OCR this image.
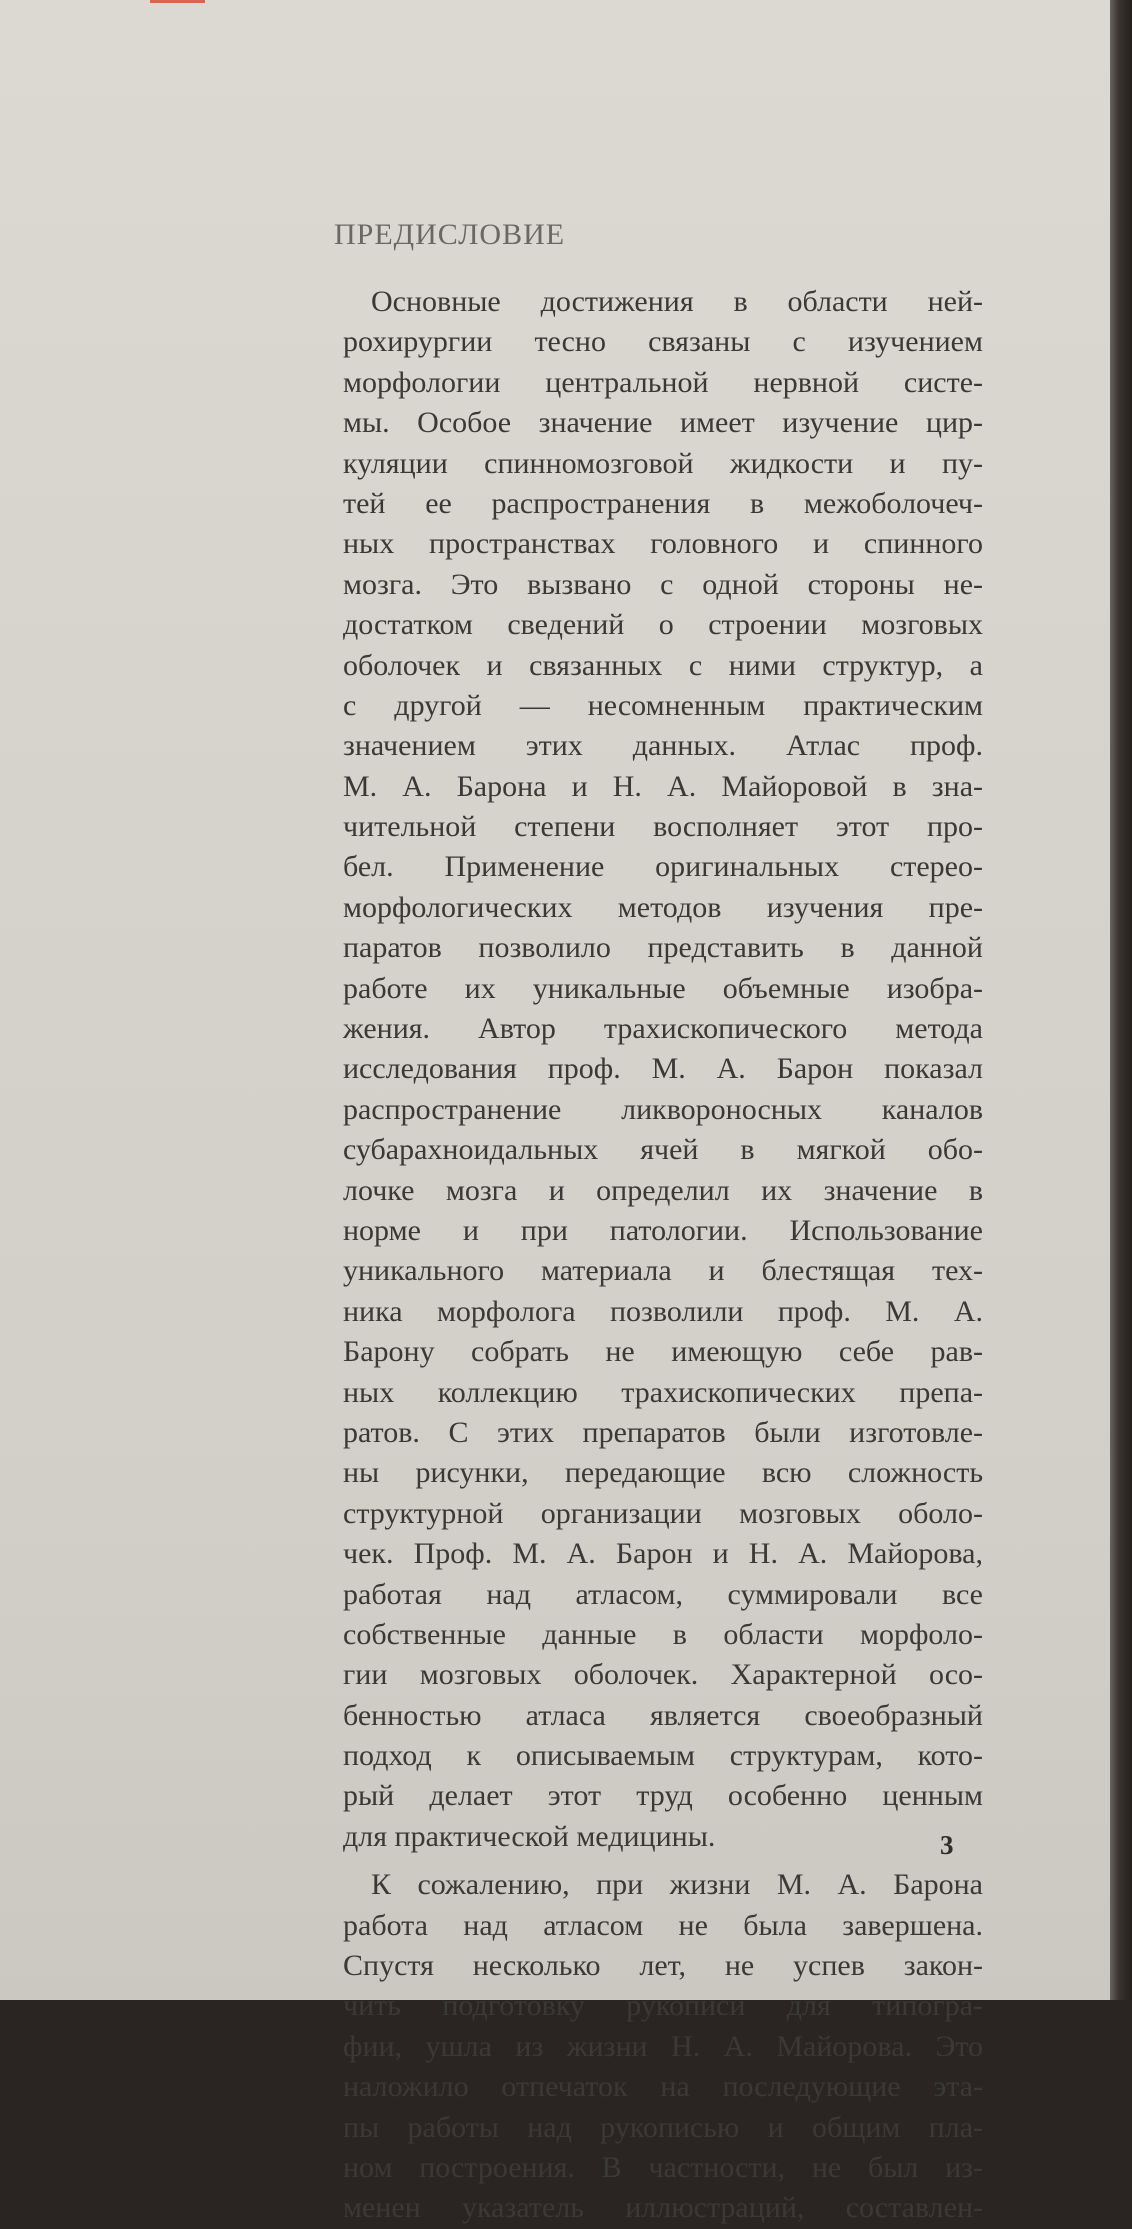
ПРЕДИСЛОВИЕ
Основные достижения в области ней-
рохирургии тесно связаны с изучением
морфологии центральной нервной систе-
мы. Особое значение имеет изучение цир-
куляции спинномозговой жидкости и пу-
тей ее распространения в межоболочеч-
ных пространствах головного и спинного
мозга. Это вызвано с одной стороны не-
достатком сведений о строении мозговых
оболочек и связанных с ними структур, а
с другой — несомненным практическим
значением этих данных. Атлас проф.
М. А. Барона и Н. А. Майоровой в зна-
чительной степени восполняет этот про-
бел. Применение оригинальных стерео-
морфологических методов изучения пре-
паратов позволило представить в данной
работе их уникальные объемные изобра-
жения. Автор трахископического метода
исследования проф. М. А. Барон показал
распространение ликвороносных каналов
субарахноидальных ячей в мягкой обо-
лочке мозга и определил их значение в
норме и при патологии. Использование
уникального материала и блестящая тех-
ника морфолога позволили проф. М. А.
Барону собрать не имеющую себе рав-
ных коллекцию трахископических препа-
ратов. С этих препаратов были изготовле-
ны рисунки, передающие всю сложность
структурной организации мозговых оболо-
чек. Проф. М. А. Барон и Н. А. Майорова,
работая над атласом, суммировали все
собственные данные в области морфоло-
гии мозговых оболочек. Характерной осо-
бенностью атласа является своеобразный
подход к описываемым структурам, кото-
рый делает этот труд особенно ценным
для практической медицины.
К сожалению, при жизни М. А. Барона
работа над атласом не была завершена.
Спустя несколько лет, не успев закон-
чить подготовку рукописи для типогра-
фии, ушла из жизни Н. А. Майорова. Это
наложило отпечаток на последующие эта-
пы работы над рукописью и общим пла-
ном построения. В частности, не был из-
менен указатель иллюстраций, составлен-
3
